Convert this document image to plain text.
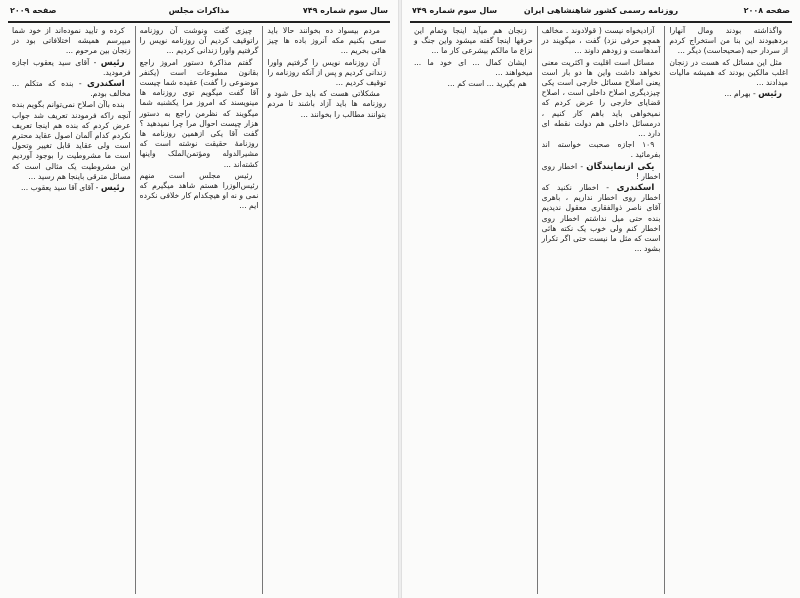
سال سوم شماره ۷۴۹
مذاکرات مجلس
صفحه ۲۰۰۹

مردم بیسواد ده بخوانند حالا باید سعی بکنیم مکه آنروز باده ها چیز هائی بخریم ...

آن روزنامه نویس را گرفتیم واورا زندانی کردیم و پس از آنکه روزنامه را توقیف کردیم ...

مشکلاتی هست که باید حل شود و روزنامه ها باید آزاد باشند تا مردم بتوانند مطالب را بخوانند ...

چیزی گفت ونوشت آن روزنامه راتوقیف کردیم آن روزنامه نویس را گرفتیم واورا زندانی کردیم ...

گفتم مذاکرهٔ دستور امروز راجع بقانون مطبوعات است (یکنفر موضوعی را گفت) عقیده شما چیست آقا گفت میگویم توی روزنامه ها مینویسند که امروز مرا یکشنبه شما میگویند که نظرمن راجع به دستور هزار چیست احوال مرا چرا نمیدهید ؟ گفت آقا یکی ازهمین روزنامه ها روزنامهٔ حقیقت نوشته است که مشیرالدوله ومؤتمن‌الملک واینها کشته‌اند ...

رئیس مجلس است منهم رئیس‌الوزرا هستم شاهد میگیرم که نمی و نه او هیچکدام کار خلافی نکرده ایم ...

کرده و تأیید نموده‌اند از خود شما میپرسم همیشه اختلافاتی بود در زنجان بین مرحوم ...

رئیس - آقای سید یعقوب اجازه فرمودید.

اسکندری - بنده که متکلم ... مخالف بودم.

بنده باآن اصلاح نمی‌توانم بگویم بنده آنچه راکه فرمودند تعریف شد جواب عرض کردم که بنده هم اینجا تعریف نکردم کدام آلمان اصول عقاید محترم است ولی عقاید قابل تغییر وتحول است ما مشروطیت را بوجود آوردیم این مشروطیت یک مثالی است که مسائل مترقی باینجا هم رسید ...

رئیس - آقای آقا سید یعقوب ...

صفحه ۲۰۰۸
روزنامه رسمی کشور شاهنشاهی ایران
سال سوم شماره ۷۴۹

واگذاشته بودند ومال آنهارا بردهبودند این بنا من استخراج کردم از سردار حبه (صحیحاست) دیگر ...

مثل این مسائل که هست در زنجان اغلب مالکین بودند که همیشه مالیات میدادند ...

رئیس - بهرام ...

آزادیخواه نیست ( قولادوند . مخالف همچو حرفی نزد) گفت ، میگویند در آمدهاست و زودهم داوند ...

مسائل است اقلیت و اکثریت معنی نخواهد داشت واین ها دو بار است یعنی اصلاح مسائل خارجی است یکی چیزدیگری اصلاح داخلی است ، اصلاح قضایای خارجی را عرض کردم که نمیخواهی باید باهم کار کنیم ، درمسائل داخلی هم دولت نقطه ای دارد ...

۱۰۹ اجازه صحبت خواسته اند بفرمائید .

یکی ازنمایندگان - اخطار روی اخطار !

اسکندری - اخطار نکنید که اخطار روی اخطار نداریم ، باهری آقای ناصر ذوالفقاری معقول ندیدیم بنده حتی میل نداشتم اخطار روی اخطار کنم ولی خوب یک نکته هائی است که مثل ما نیست حتی اگر تکرار بشود ...

زنجان هم میآید اینجا وتمام این حرفها اینجا گفته میشود واین جنگ و نزاع ما مالکم بیشرعی کار ما ...

ایشان کمال ... ای خود ما ... میخواهند ...

هم بگیرید ... است کم ...
